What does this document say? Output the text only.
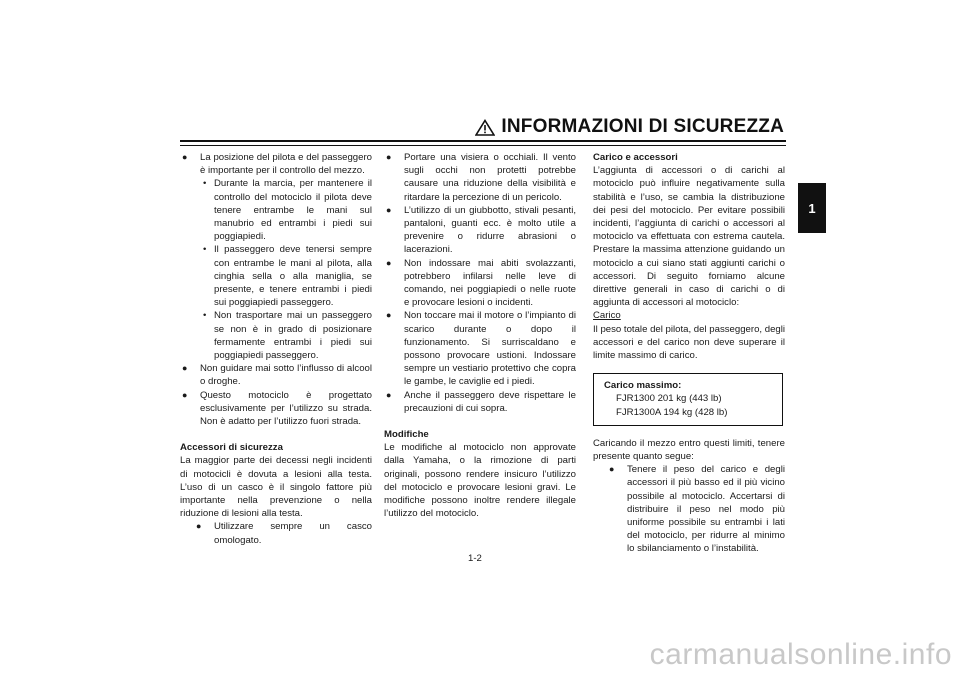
INFORMAZIONI DI SICUREZZA
1
● La posizione del pilota e del passeggero è importante per il controllo del mezzo.
• Durante la marcia, per mantenere il controllo del motociclo il pilota deve tenere entrambe le mani sul manubrio ed entrambi i piedi sui poggiapiedi.
• Il passeggero deve tenersi sempre con entrambe le mani al pilota, alla cinghia sella o alla maniglia, se presente, e tenere entrambi i piedi sui poggiapiedi passeggero.
• Non trasportare mai un passeggero se non è in grado di posizionare fermamente entrambi i piedi sui poggiapiedi passeggero.
● Non guidare mai sotto l’influsso di alcool o droghe.
● Questo motociclo è progettato esclusivamente per l’utilizzo su strada. Non è adatto per l’utilizzo fuori strada.
Accessori di sicurezza
La maggior parte dei decessi negli incidenti di motocicli è dovuta a lesioni alla testa. L’uso di un casco è il singolo fattore più importante nella prevenzione o nella riduzione di lesioni alla testa.
● Utilizzare sempre un casco omologato.
● Portare una visiera o occhiali. Il vento sugli occhi non protetti potrebbe causare una riduzione della visibilità e ritardare la percezione di un pericolo.
● L’utilizzo di un giubbotto, stivali pesanti, pantaloni, guanti ecc. è molto utile a prevenire o ridurre abrasioni o lacerazioni.
● Non indossare mai abiti svolazzanti, potrebbero infilarsi nelle leve di comando, nei poggiapiedi o nelle ruote e provocare lesioni o incidenti.
● Non toccare mai il motore o l’impianto di scarico durante o dopo il funzionamento. Si surriscaldano e possono provocare ustioni. Indossare sempre un vestiario protettivo che copra le gambe, le caviglie ed i piedi.
● Anche il passeggero deve rispettare le precauzioni di cui sopra.
Modifiche
Le modifiche al motociclo non approvate dalla Yamaha, o la rimozione di parti originali, possono rendere insicuro l’utilizzo del motociclo e provocare lesioni gravi. Le modifiche possono inoltre rendere illegale l’utilizzo del motociclo.
Carico e accessori
L’aggiunta di accessori o di carichi al motociclo può influire negativamente sulla stabilità e l’uso, se cambia la distribuzione dei pesi del motociclo. Per evitare possibili incidenti, l’aggiunta di carichi o accessori al motociclo va effettuata con estrema cautela. Prestare la massima attenzione guidando un motociclo a cui siano stati aggiunti carichi o accessori. Di seguito forniamo alcune direttive generali in caso di carichi o di aggiunta di accessori al motociclo:
Carico
Il peso totale del pilota, del passeggero, degli accessori e del carico non deve superare il limite massimo di carico.
Carico massimo:
FJR1300 201 kg (443 lb)
FJR1300A 194 kg (428 lb)
Caricando il mezzo entro questi limiti, tenere presente quanto segue:
● Tenere il peso del carico e degli accessori il più basso ed il più vicino possibile al motociclo. Accertarsi di distribuire il peso nel modo più uniforme possibile su entrambi i lati del motociclo, per ridurre al minimo lo sbilanciamento o l’instabilità.
1-2
carmanualsonline.info
